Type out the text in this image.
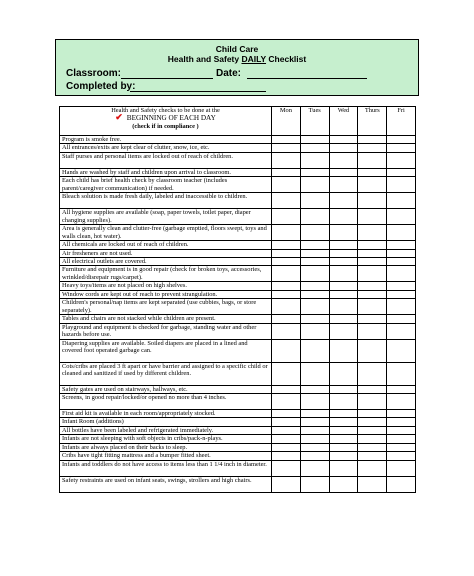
Child Care
Health and Safety DAILY Checklist
Classroom:	Date:
Completed by:
Health and Safety checks to be done at the
✔ BEGINNING OF EACH DAY
(check if in compliance )	Mon	Tues	Wed	Thurs	Fri
Program is smoke free.					
All entrances/exits are kept clear of clutter, snow, ice, etc.					
Staff purses and personal items are locked out of reach of children.					
Hands are washed by staff and children upon arrival to classroom.					
Each child has brief health check by classroom teacher (includes parent/caregiver communication) if needed.					
Bleach solution is made fresh daily, labeled and inaccessible to children.					
All hygiene supplies are available (soap, paper towels, toilet paper, diaper changing supplies).					
Area is generally clean and clutter-free (garbage emptied, floors swept, toys and walls clean, hot water).					
All chemicals are locked out of reach of children.					
Air fresheners are not used.					
All electrical outlets are covered.					
Furniture and equipment is in good repair (check for broken toys, accessories, wrinkled/disrepair rugs/carpet).					
Heavy toys/items are not placed on high shelves.					
Window cords are kept out of reach to prevent strangulation.					
Children's personal/nap items are kept separated (use cubbies, bags, or store separately).					
Tables and chairs are not stacked while children are present.					
Playground and equipment is checked for garbage, standing water and other hazards before use.					
Diapering supplies are available. Soiled diapers are placed in a lined and covered foot operated garbage can.					
Cots/cribs are placed 3 ft apart or have barrier and assigned to a specific child or cleaned and sanitized if used by different children.					
Safety gates are used on stairways, hallways, etc.					
Screens, in good repair/locked/or opened no more than 4 inches.					
First aid kit is available in each room/appropriately stocked.					
Infant Room (additions)					
All bottles have been labeled and refrigerated immediately.					
Infants are not sleeping with soft objects in cribs/pack-n-plays.					
Infants are always placed on their backs to sleep.					
Cribs have tight fitting mattress and a bumper fitted sheet.					
Infants and toddlers do not have access to items less than 1 1/4 inch in diameter.					
Safety restraints are used on infant seats, swings, strollers and high chairs.					
